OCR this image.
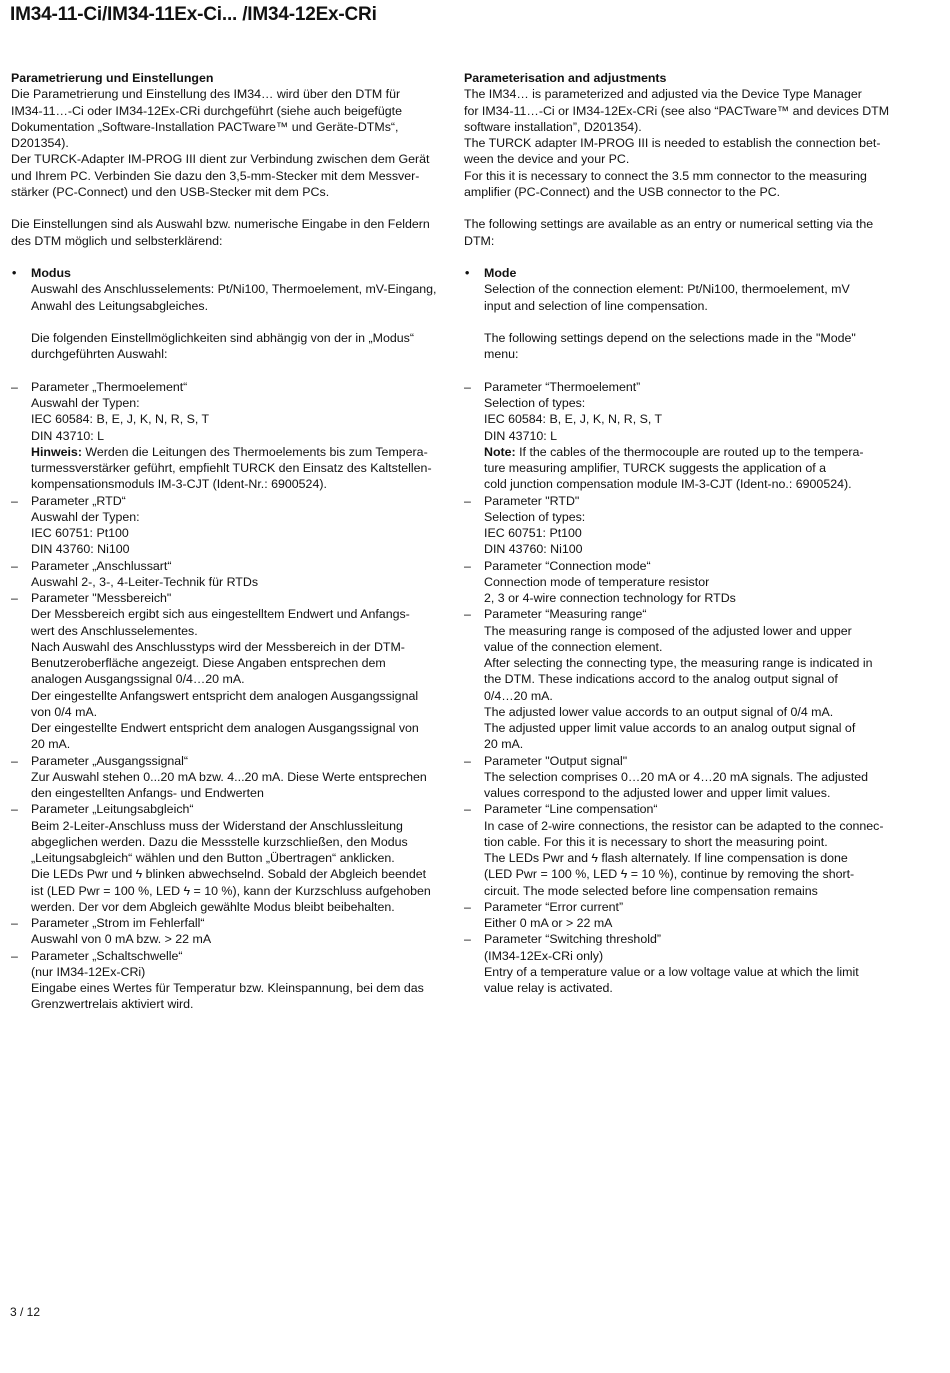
IM34-11-Ci/IM34-11Ex-Ci... /IM34-12Ex-CRi

Parametrierung und Einstellungen

Die Parametrierung und Einstellung des IM34… wird über den DTM für

IM34-11…-Ci oder IM34-12Ex-CRi durchgeführt (siehe auch beigefügte

Dokumentation „Software-Installation PACTware™ und Geräte-DTMs“,

D201354).

Der TURCK-Adapter IM-PROG III dient zur Verbindung zwischen dem Gerät

und Ihrem PC. Verbinden Sie dazu den 3,5-mm-Stecker mit dem Messver-

stärker (PC-Connect) und den USB-Stecker mit dem PCs.

Die Einstellungen sind als Auswahl bzw. numerische Eingabe in den Feldern

des DTM möglich und selbsterklärend:

• Modus

Auswahl des Anschlusselements: Pt/Ni100, Thermoelement, mV-Eingang,

Anwahl des Leitungsabgleiches.

Die folgenden Einstellmöglichkeiten sind abhängig von der in „Modus“

durchgeführten Auswahl:

– Parameter „Thermoelement“

Auswahl der Typen:

IEC 60584: B, E, J, K, N, R, S, T

DIN 43710: L

Hinweis: Werden die Leitungen des Thermoelements bis zum Tempera-

turmessverstärker geführt, empfiehlt TURCK den Einsatz des Kaltstellen-

kompensationsmoduls IM-3-CJT (Ident-Nr.: 6900524).

– Parameter „RTD“

Auswahl der Typen:

IEC 60751: Pt100

DIN 43760: Ni100

– Parameter „Anschlussart“

Auswahl 2-, 3-, 4-Leiter-Technik für RTDs

– Parameter "Messbereich"

Der Messbereich ergibt sich aus eingestelltem Endwert und Anfangs-

wert des Anschlusselementes.

Nach Auswahl des Anschlusstyps wird der Messbereich in der DTM-

Benutzeroberfläche angezeigt. Diese Angaben entsprechen dem

analogen Ausgangssignal 0/4…20 mA.

Der eingestellte Anfangswert entspricht dem analogen Ausgangssignal

von 0/4 mA.

Der eingestellte Endwert entspricht dem analogen Ausgangssignal von

20 mA.

– Parameter „Ausgangssignal“

Zur Auswahl stehen 0...20 mA bzw. 4...20 mA. Diese Werte entsprechen

den eingestellten Anfangs- und Endwerten

– Parameter „Leitungsabgleich“

Beim 2-Leiter-Anschluss muss der Widerstand der Anschlussleitung

abgeglichen werden. Dazu die Messstelle kurzschließen, den Modus

„Leitungsabgleich“ wählen und den Button „Übertragen“ anklicken.

Die LEDs Pwr und ϟ blinken abwechselnd. Sobald der Abgleich beendet

ist (LED Pwr = 100 %, LED ϟ = 10 %), kann der Kurzschluss aufgehoben

werden. Der vor dem Abgleich gewählte Modus bleibt beibehalten.

– Parameter „Strom im Fehlerfall“

Auswahl von 0 mA bzw. > 22 mA

– Parameter „Schaltschwelle“

(nur IM34-12Ex-CRi)

Eingabe eines Wertes für Temperatur bzw. Kleinspannung, bei dem das

Grenzwertrelais aktiviert wird.

Parameterisation and adjustments

The IM34… is parameterized and adjusted via the Device Type Manager

for IM34-11…-Ci or IM34-12Ex-CRi (see also “PACTware™ and devices DTM

software installation”, D201354).

The TURCK adapter IM-PROG III is needed to establish the connection bet-

ween the device and your PC.

For this it is necessary to connect the 3.5 mm connector to the measuring

amplifier (PC-Connect) and the USB connector to the PC.

The following settings are available as an entry or numerical setting via the

DTM:

• Mode

Selection of the connection element: Pt/Ni100, thermoelement, mV

input and selection of line compensation.

The following settings depend on the selections made in the "Mode"

menu:

– Parameter “Thermoelement”

Selection of types:

IEC 60584: B, E, J, K, N, R, S, T

DIN 43710: L

Note: If the cables of the thermocouple are routed up to the tempera-

ture measuring amplifier, TURCK suggests the application of a

cold junction compensation module IM-3-CJT (Ident-no.: 6900524).

– Parameter "RTD"

Selection of types:

IEC 60751: Pt100

DIN 43760: Ni100

– Parameter “Connection mode“

Connection mode of temperature resistor

2, 3 or 4-wire connection technology for RTDs

– Parameter “Measuring range“

The measuring range is composed of the adjusted lower and upper

value of the connection element.

After selecting the connecting type, the measuring range is indicated in

the DTM. These indications accord to the analog output signal of

0/4…20 mA.

The adjusted lower value accords to an output signal of 0/4 mA.

The adjusted upper limit value accords to an analog output signal of

20 mA.

– Parameter "Output signal"

The selection comprises 0…20 mA or 4…20 mA signals. The adjusted

values correspond to the adjusted lower and upper limit values.

– Parameter “Line compensation“

In case of 2-wire connections, the resistor can be adapted to the connec-

tion cable. For this it is necessary to short the measuring point.

The LEDs Pwr and ϟ flash alternately. If line compensation is done

(LED Pwr = 100 %, LED ϟ = 10 %), continue by removing the short-

circuit. The mode selected before line compensation remains

– Parameter “Error current”

Either 0 mA or > 22 mA

– Parameter “Switching threshold”

(IM34-12Ex-CRi only)

Entry of a temperature value or a low voltage value at which the limit

value relay is activated.

3 / 12
